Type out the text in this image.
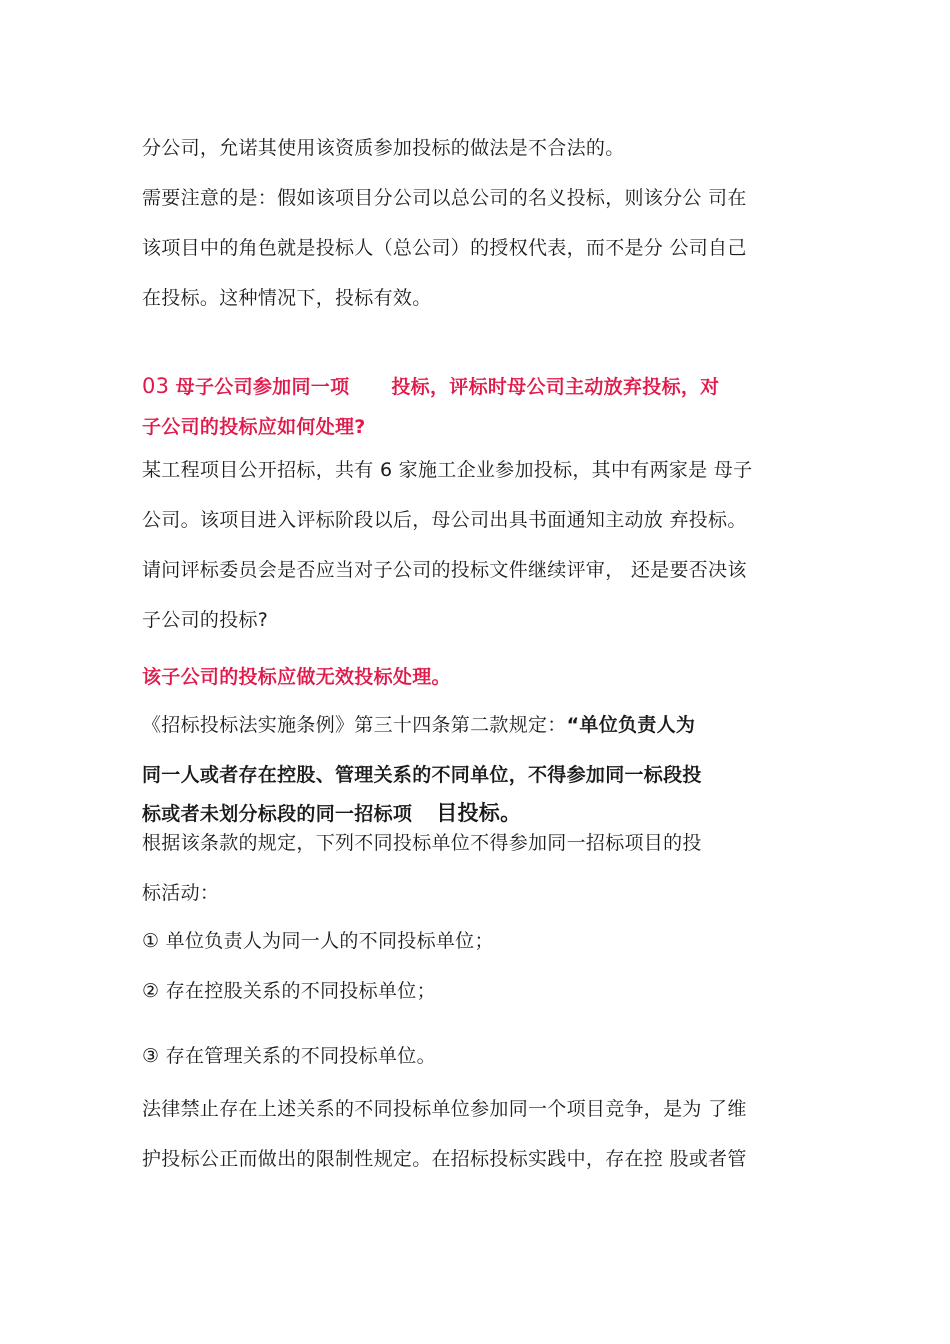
分公司，允诺其使用该资质参加投标的做法是不合法的。
需要注意的是：假如该项目分公司以总公司的名义投标，则该分公 司在
该项目中的角色就是投标人（总公司）的授权代表，而不是分 公司自己
在投标。这种情况下，投标有效。
03 母子公司参加同一项 投标，评标时母公司主动放弃投标，对
子公司的投标应如何处理?
某工程项目公开招标，共有 6 家施工企业参加投标，其中有两家是 母子
公司。该项目进入评标阶段以后，母公司出具书面通知主动放 弃投标。
请问评标委员会是否应当对子公司的投标文件继续评审， 还是要否决该
子公司的投标?
该子公司的投标应做无效投标处理。
《招标投标法实施条例》第三十四条第二款规定：“单位负责人为
同一人或者存在控股、管理关系的不同单位，不得参加同一标段投
标或者未划分标段的同一招标项 目投标。
根据该条款的规定，下列不同投标单位不得参加同一招标项目的投
标活动：
① 单位负责人为同一人的不同投标单位；
② 存在控股关系的不同投标单位；
③ 存在管理关系的不同投标单位。
法律禁止存在上述关系的不同投标单位参加同一个项目竞争，是为 了维
护投标公正而做出的限制性规定。在招标投标实践中，存在控 股或者管
